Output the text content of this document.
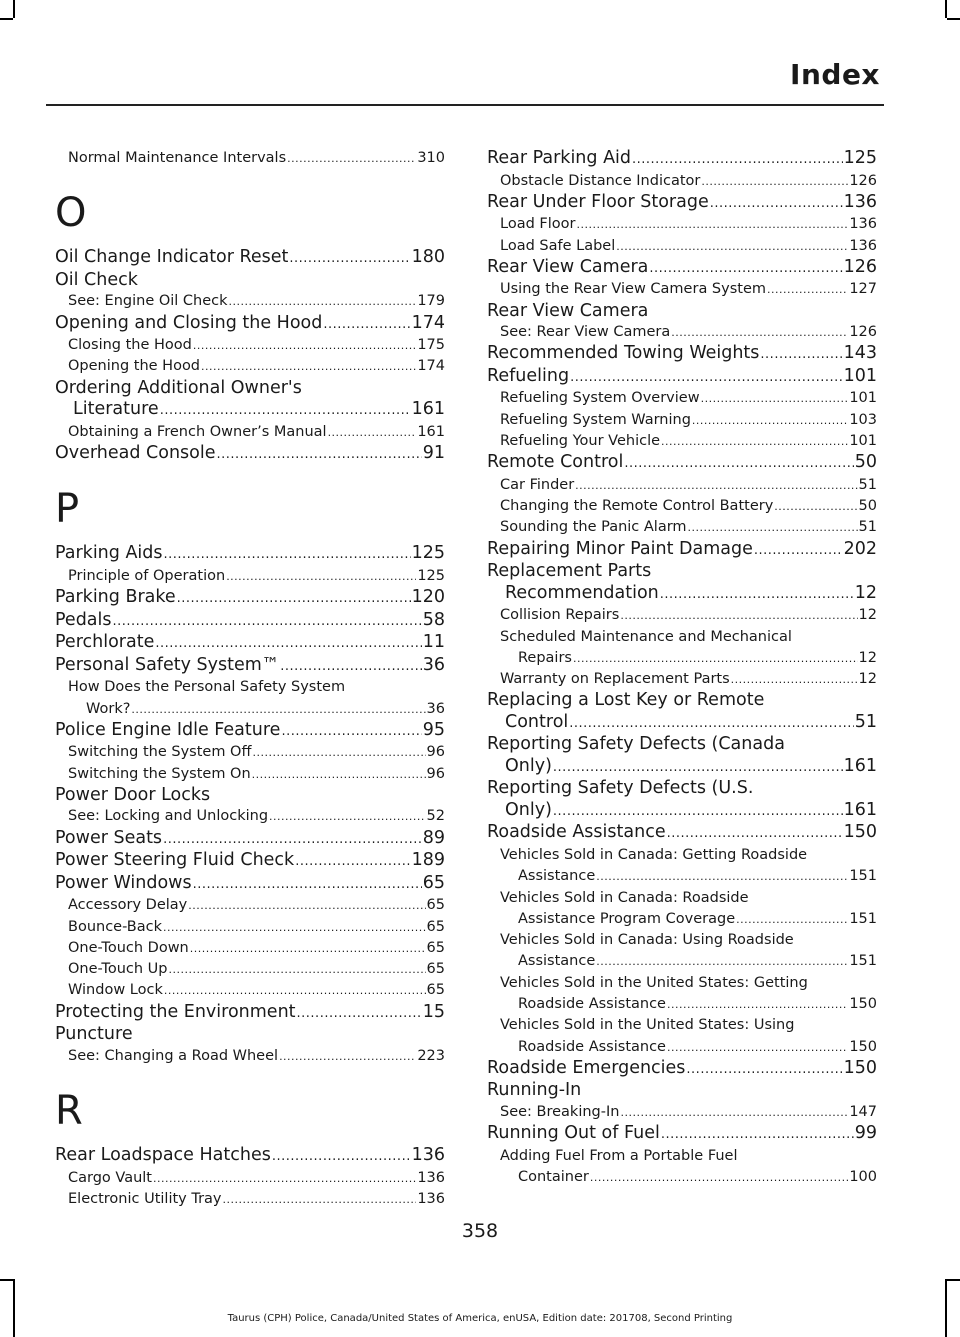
Index
Normal Maintenance Intervals .....	310
O
Oil Change Indicator Reset .....	180
Oil Check
See: Engine Oil Check .....	179
Opening and Closing the Hood .....	174
Closing the Hood .....	175
Opening the Hood .....	174
Ordering Additional Owner's
Literature .....	161
Obtaining a French Owner’s Manual .....	161
Overhead Console .....	91
P
Parking Aids .....	125
Principle of Operation .....	125
Parking Brake .....	120
Pedals .....	58
Perchlorate .....	11
Personal Safety System™ .....	36
How Does the Personal Safety System
Work? .....	36
Police Engine Idle Feature .....	95
Switching the System Off .....	96
Switching the System On .....	96
Power Door Locks
See: Locking and Unlocking .....	52
Power Seats .....	89
Power Steering Fluid Check .....	189
Power Windows .....	65
Accessory Delay .....	65
Bounce-Back .....	65
One-Touch Down .....	65
One-Touch Up .....	65
Window Lock .....	65
Protecting the Environment .....	15
Puncture
See: Changing a Road Wheel .....	223
R
Rear Loadspace Hatches .....	136
Cargo Vault .....	136
Electronic Utility Tray .....	136
Rear Parking Aid .....	125
Obstacle Distance Indicator .....	126
Rear Under Floor Storage .....	136
Load Floor .....	136
Load Safe Label .....	136
Rear View Camera .....	126
Using the Rear View Camera System .....	127
Rear View Camera
See: Rear View Camera .....	126
Recommended Towing Weights .....	143
Refueling .....	101
Refueling System Overview .....	101
Refueling System Warning .....	103
Refueling Your Vehicle .....	101
Remote Control .....	50
Car Finder .....	51
Changing the Remote Control Battery .....	50
Sounding the Panic Alarm .....	51
Repairing Minor Paint Damage .....	202
Replacement Parts
Recommendation .....	12
Collision Repairs .....	12
Scheduled Maintenance and Mechanical
Repairs .....	12
Warranty on Replacement Parts .....	12
Replacing a Lost Key or Remote
Control .....	51
Reporting Safety Defects (Canada
Only) .....	161
Reporting Safety Defects (U.S.
Only) .....	161
Roadside Assistance .....	150
Vehicles Sold in Canada: Getting Roadside
Assistance .....	151
Vehicles Sold in Canada: Roadside
Assistance Program Coverage .....	151
Vehicles Sold in Canada: Using Roadside
Assistance .....	151
Vehicles Sold in the United States: Getting
Roadside Assistance .....	150
Vehicles Sold in the United States: Using
Roadside Assistance .....	150
Roadside Emergencies .....	150
Running-In
See: Breaking-In .....	147
Running Out of Fuel .....	99
Adding Fuel From a Portable Fuel
Container .....	100
358
Taurus (CPH) Police, Canada/United States of America, enUSA, Edition date: 201708, Second Printing
